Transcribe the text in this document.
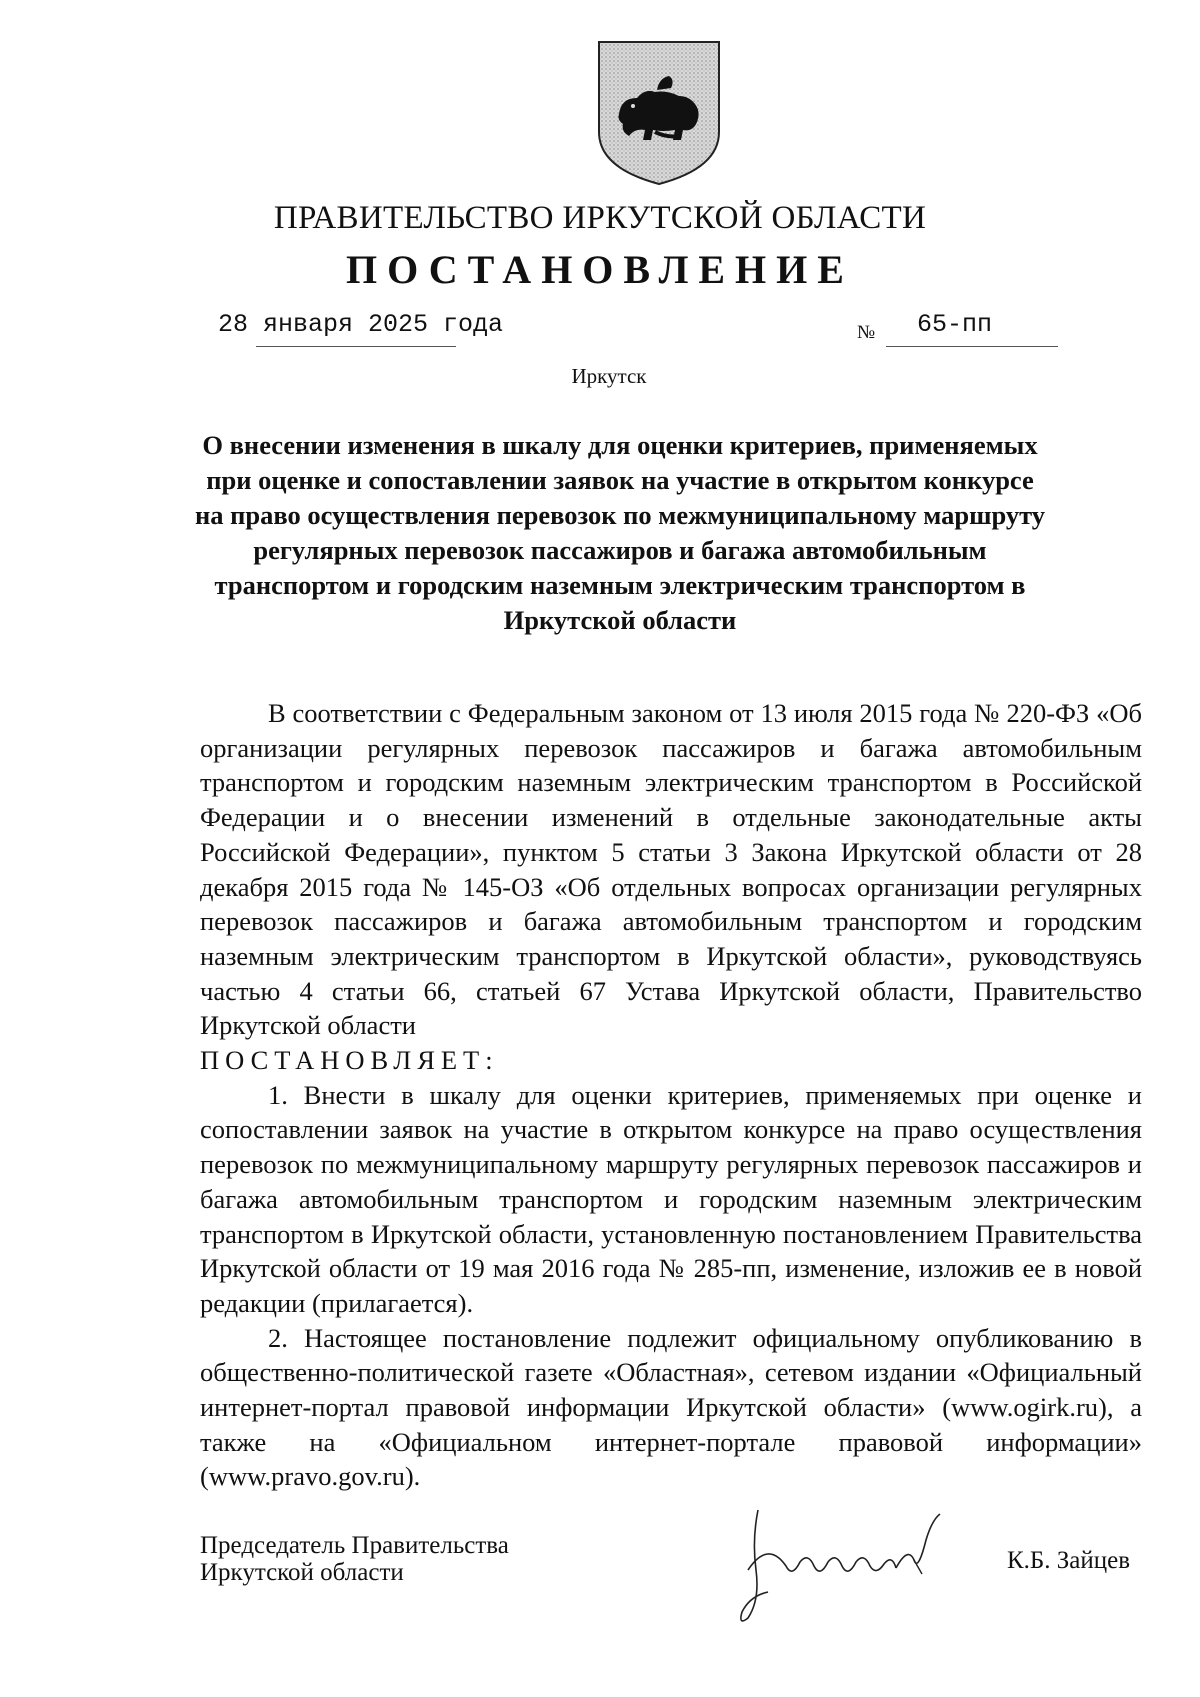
ПРАВИТЕЛЬСТВО ИРКУТСКОЙ ОБЛАСТИ
ПОСТАНОВЛЕНИЕ
28 января 2025 года	№ 65-пп
Иркутск
О внесении изменения в шкалу для оценки критериев, применяемых при оценке и сопоставлении заявок на участие в открытом конкурсе на право осуществления перевозок по межмуниципальному маршруту регулярных перевозок пассажиров и багажа автомобильным транспортом и городским наземным электрическим транспортом в Иркутской области

В соответствии с Федеральным законом от 13 июля 2015 года № 220-ФЗ «Об организации регулярных перевозок пассажиров и багажа автомобильным транспортом и городским наземным электрическим транспортом в Российской Федерации и о внесении изменений в отдельные законодательные акты Российской Федерации», пунктом 5 статьи 3 Закона Иркутской области от 28 декабря 2015 года № 145-ОЗ «Об отдельных вопросах организации регулярных перевозок пассажиров и багажа автомобильным транспортом и городским наземным электрическим транспортом в Иркутской области», руководствуясь частью 4 статьи 66, статьей 67 Устава Иркутской области, Правительство Иркутской области

ПОСТАНОВЛЯЕТ:

1. Внести в шкалу для оценки критериев, применяемых при оценке и сопоставлении заявок на участие в открытом конкурсе на право осуществления перевозок по межмуниципальному маршруту регулярных перевозок пассажиров и багажа автомобильным транспортом и городским наземным электрическим транспортом в Иркутской области, установленную постановлением Правительства Иркутской области от 19 мая 2016 года № 285-пп, изменение, изложив ее в новой редакции (прилагается).

2. Настоящее постановление подлежит официальному опубликованию в общественно-политической газете «Областная», сетевом издании «Официальный интернет-портал правовой информации Иркутской области» (www.ogirk.ru), а также на «Официальном интернет-портале правовой информации» (www.pravo.gov.ru).

Председатель Правительства
Иркутской области	К.Б. Зайцев
